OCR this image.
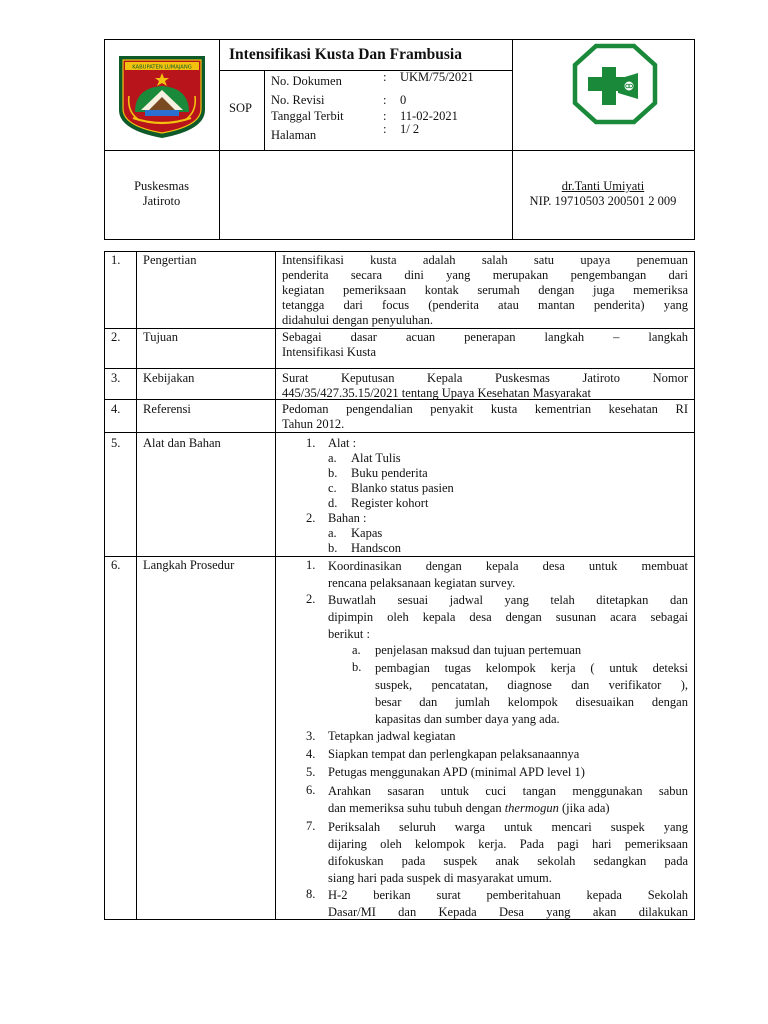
KABUPATEN LUMAJANG
Intensifikasi Kusta Dan Frambusia
SOP
No. Dokumen	: UKM/75/2021
No. Revisi	: 0
Tanggal Terbit	: 11-02-2021
Halaman	: 1/ 2
Puskesmas
Jatiroto
dr.Tanti Umiyati
NIP. 19710503 200501 2 009
1. Pengertian	Intensifikasi kusta adalah salah satu upaya penemuan
penderita secara dini yang merupakan pengembangan dari
kegiatan pemeriksaan kontak serumah dengan juga memeriksa
tetangga dari focus (penderita atau mantan penderita) yang
didahului dengan penyuluhan.
2. Tujuan	Sebagai dasar acuan penerapan langkah – langkah
Intensifikasi Kusta
3. Kebijakan	Surat Keputusan Kepala Puskesmas Jatiroto Nomor
445/35/427.35.15/2021 tentang Upaya Kesehatan Masyarakat
4. Referensi	Pedoman pengendalian penyakit kusta kementrian kesehatan RI
Tahun 2012.
5. Alat dan Bahan	1. Alat :
a. Alat Tulis
b. Buku penderita
c. Blanko status pasien
d. Register kohort
2. Bahan :
a. Kapas
b. Handscon
6. Langkah Prosedur	1. Koordinasikan dengan kepala desa untuk membuat
rencana pelaksanaan kegiatan survey.
2. Buwatlah sesuai jadwal yang telah ditetapkan dan
dipimpin oleh kepala desa dengan susunan acara sebagai
berikut :
a. penjelasan maksud dan tujuan pertemuan
b. pembagian tugas kelompok kerja ( untuk deteksi
suspek, pencatatan, diagnose dan verifikator ),
besar dan jumlah kelompok disesuaikan dengan
kapasitas dan sumber daya yang ada.
3. Tetapkan jadwal kegiatan
4. Siapkan tempat dan perlengkapan pelaksanaannya
5. Petugas menggunakan APD (minimal APD level 1)
6. Arahkan sasaran untuk cuci tangan menggunakan sabun
dan memeriksa suhu tubuh dengan thermogun (jika ada)
7. Periksalah seluruh warga untuk mencari suspek yang
dijaring oleh kelompok kerja. Pada pagi hari pemeriksaan
difokuskan pada suspek anak sekolah sedangkan pada
siang hari pada suspek di masyarakat umum.
8. H-2 berikan surat pemberitahuan kepada Sekolah
Dasar/MI dan Kepada Desa yang akan dilakukan
